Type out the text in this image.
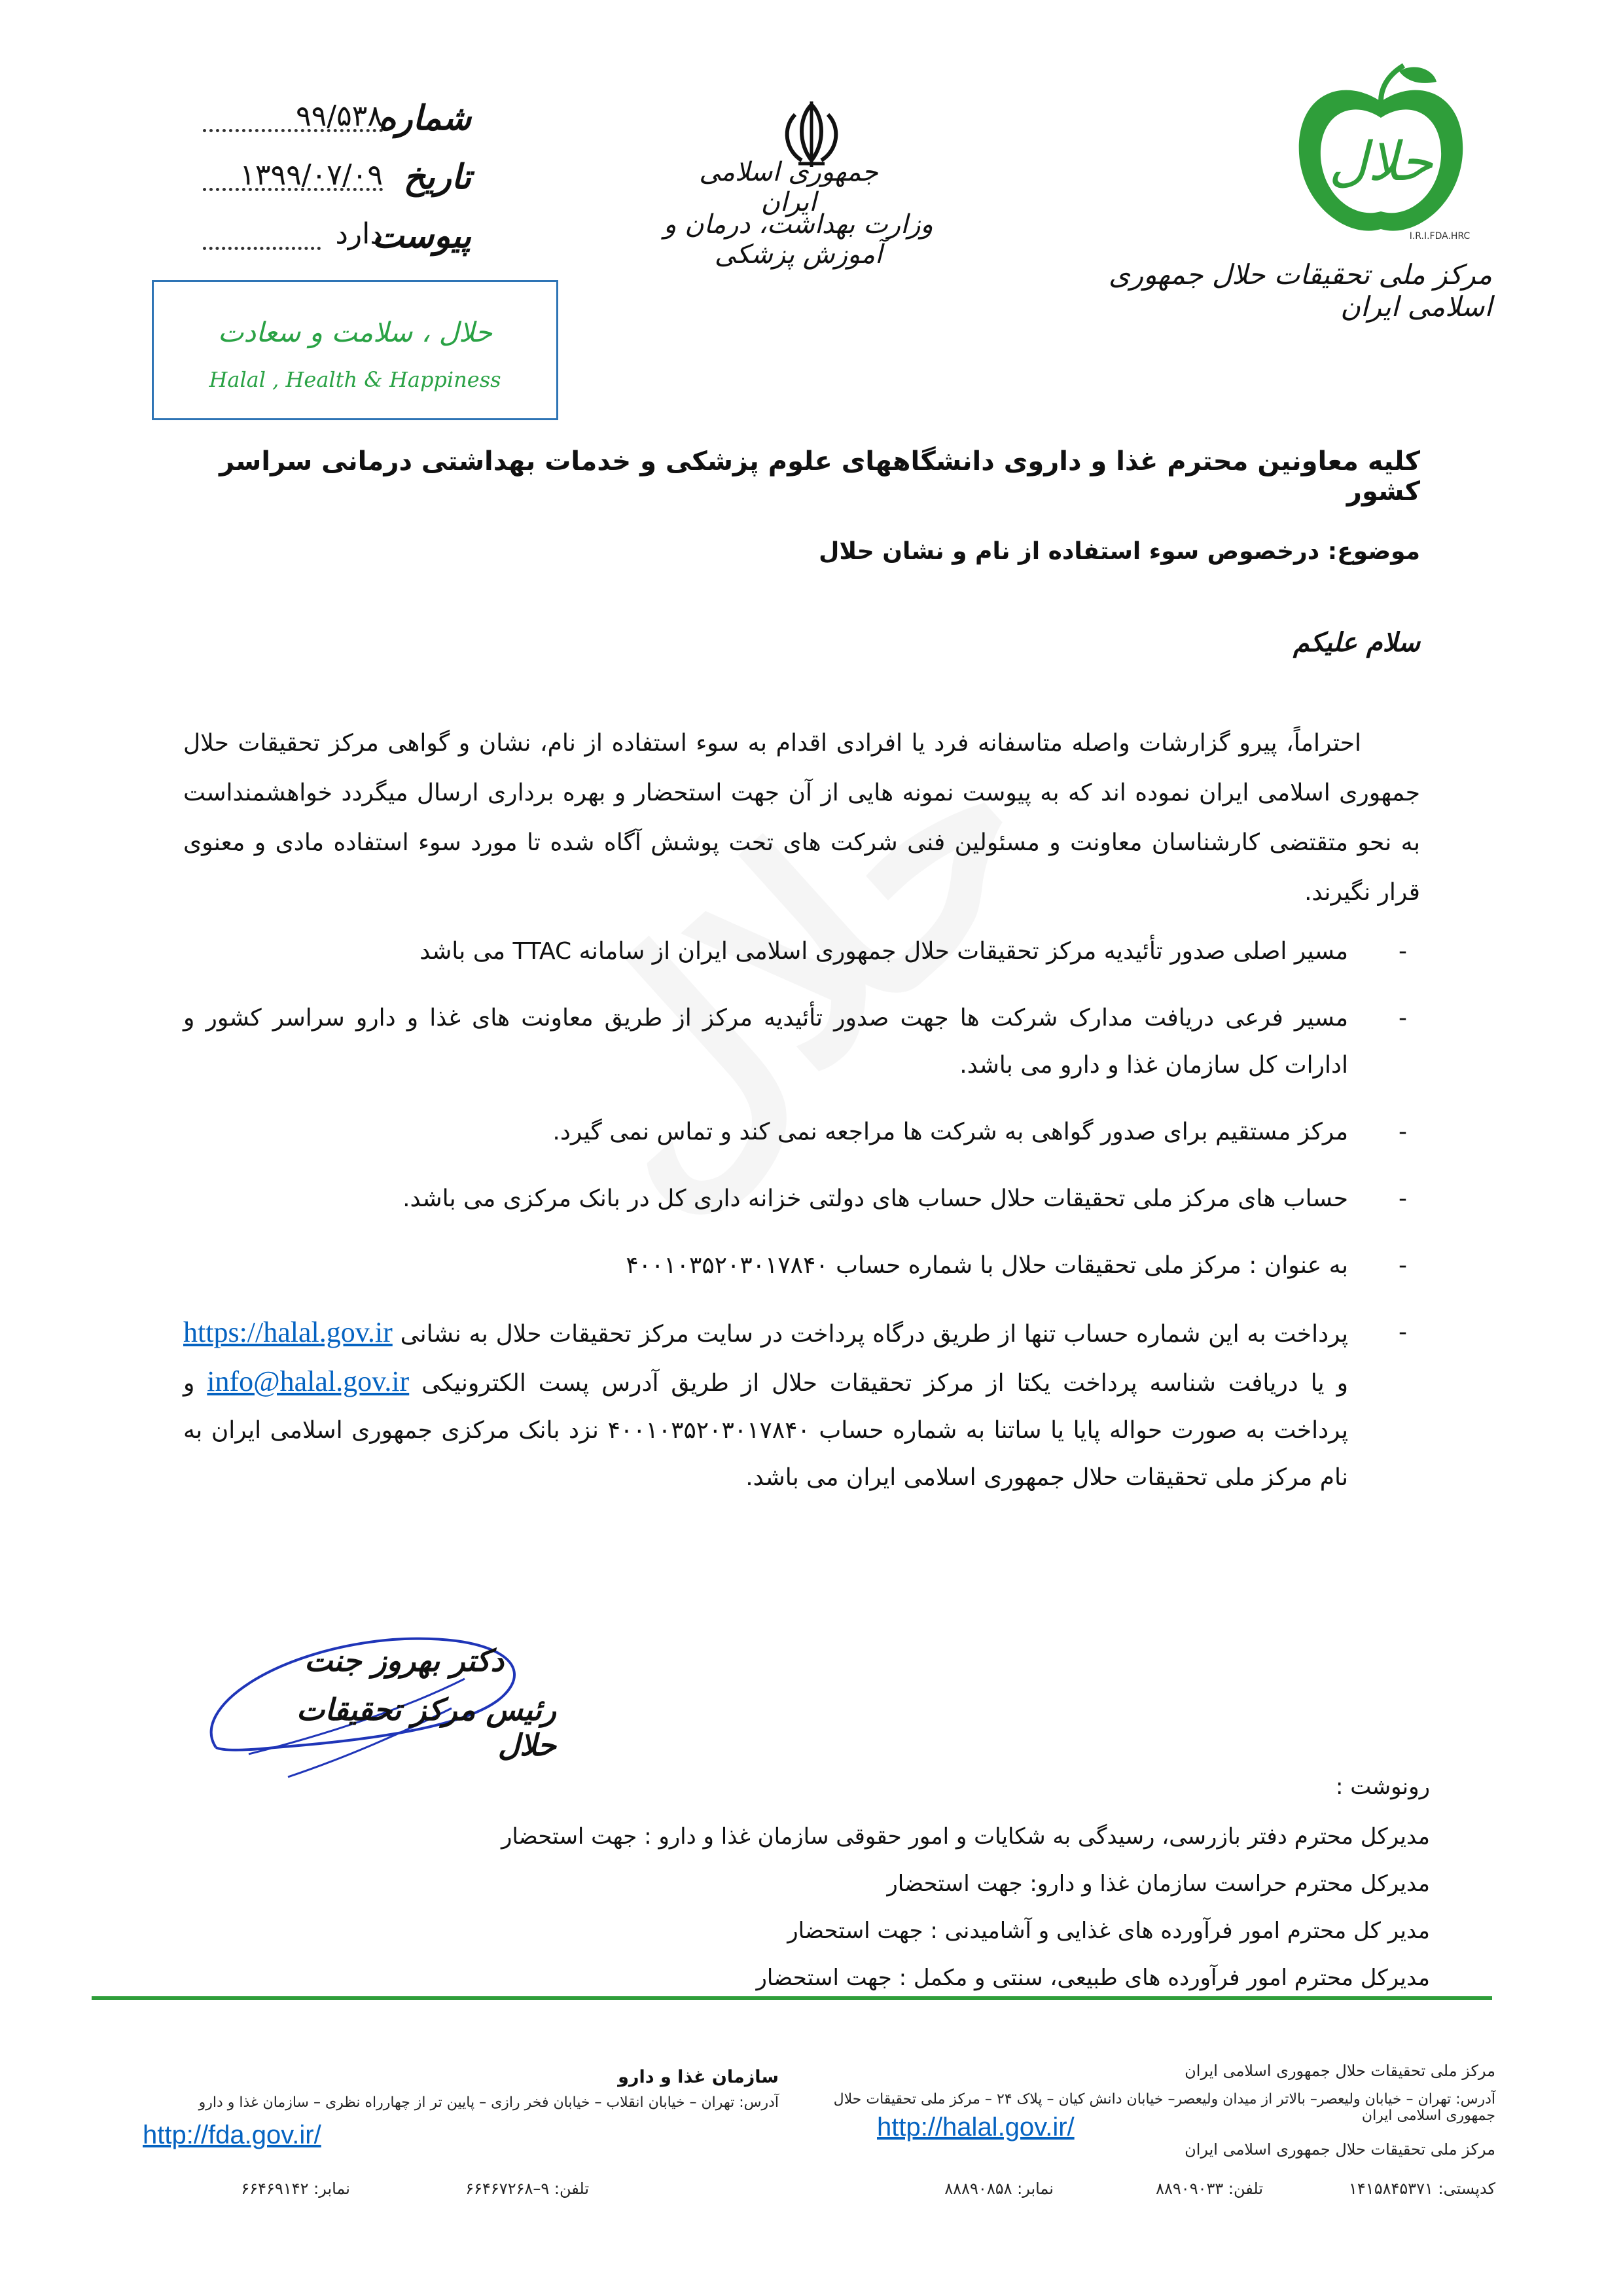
حلال
I.R.I.FDA.HRC
مرکز ملی تحقیقات حلال جمهوری اسلامی ایران
جمهوری اسلامی ایران
وزارت بهداشت، درمان و آموزش پزشکی
شماره
۹۹/۵۳۸
تاریخ
۱۳۹۹/۰۷/۰۹
پیوست
دارد
حلال ، سلامت و سعادت
Halal , Health & Happiness
کلیه معاونین محترم غذا و داروی دانشگاههای علوم پزشکی و خدمات بهداشتی درمانی سراسر کشور
موضوع: درخصوص سوء استفاده از نام و نشان حلال
سلام علیکم
احتراماً، پیرو گزارشات واصله متاسفانه فرد یا افرادی اقدام به سوء استفاده از نام، نشان و گواهی مرکز تحقیقات حلال جمهوری اسلامی ایران نموده اند که به پیوست نمونه هایی از آن جهت استحضار و بهره برداری ارسال میگردد خواهشمنداست به نحو متقتضی کارشناسان معاونت و مسئولین فنی شرکت های تحت پوشش آگاه شده تا مورد سوء استفاده مادی و معنوی قرار نگیرند.
-
مسیر اصلی صدور تأئیدیه مرکز تحقیقات حلال جمهوری اسلامی ایران از سامانه TTAC می باشد
-
مسیر فرعی دریافت مدارک شرکت ها جهت صدور تأئیدیه مرکز از طریق معاونت های غذا و دارو سراسر کشور و ادارات کل سازمان غذا و دارو می باشد.
-
مرکز مستقیم برای صدور گواهی به شرکت ها مراجعه نمی کند و تماس نمی گیرد.
-
حساب های مرکز ملی تحقیقات حلال حساب های دولتی خزانه داری کل در بانک مرکزی می باشد.
-
به عنوان : مرکز ملی تحقیقات حلال با شماره حساب ۴۰۰۱۰۳۵۲۰۳۰۱۷۸۴۰
-
پرداخت به این شماره حساب تنها از طریق درگاه پرداخت در سایت مرکز تحقیقات حلال به نشانی https://halal.gov.ir و یا دریافت شناسه پرداخت یکتا از مرکز تحقیقات حلال از طریق آدرس پست الکترونیکی info@halal.gov.ir و پرداخت به صورت حواله پایا یا ساتنا به شماره حساب ۴۰۰۱۰۳۵۲۰۳۰۱۷۸۴۰ نزد بانک مرکزی جمهوری اسلامی ایران به نام مرکز ملی تحقیقات حلال جمهوری اسلامی ایران می باشد.
دکتر بهروز جنت
رئیس مرکز تحقیقات حلال
رونوشت :
مدیرکل محترم دفتر بازرسی، رسیدگی به شکایات و امور حقوقی سازمان غذا و دارو : جهت استحضار
مدیرکل محترم حراست سازمان غذا و دارو: جهت استحضار
مدیر کل محترم امور فرآورده های غذایی و آشامیدنی : جهت استحضار
مدیرکل محترم امور فرآورده های طبیعی، سنتی و مکمل : جهت استحضار
مرکز ملی تحقیقات حلال جمهوری اسلامی ایران
آدرس: تهران – خیابان ولیعصر– بالاتر از میدان ولیعصر– خیابان دانش کیان – پلاک ۲۴ – مرکز ملی تحقیقات حلال جمهوری اسلامی ایران
http://halal.gov.ir/
مرکز ملی تحقیقات حلال جمهوری اسلامی ایران
کدپستی: ۱۴۱۵۸۴۵۳۷۱
تلفن: ۸۸۹۰۹۰۳۳
نمابر: ۸۸۸۹۰۸۵۸
سازمان غذا و دارو
آدرس: تهران – خیابان انقلاب – خیابان فخر رازی – پایین تر از چهارراه نظری – سازمان غذا و دارو
http://fda.gov.ir/
تلفن: ۹–۶۶۴۶۷۲۶۸
نمابر: ۶۶۴۶۹۱۴۲
